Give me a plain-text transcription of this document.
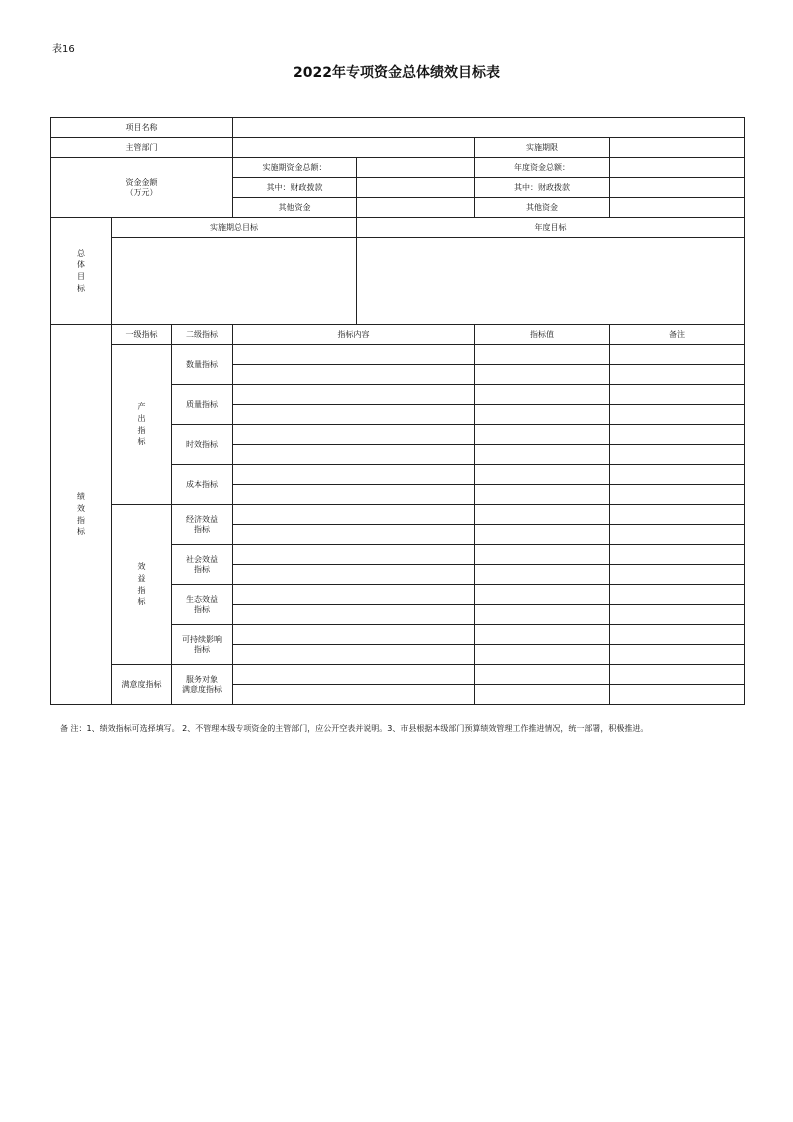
表16
2022年专项资金总体绩效目标表
项目名称						
主管部门					实施期限	
资金金额
（万元）			实施期资金总额：		年度资金总额：	
			其中：财政拨款		其中：财政拨款	
			其他资金		其他资金	

总体目标	实施期总目标			年度目标		

绩效指标	一级指标	二级指标	指标内容		指标值	备注

	产出指标	数量指标				

		质量指标				

		时效指标				

		成本指标				

	效益指标	经济效益
指标				

		社会效益
指标				

		生态效益
指标				

		可持续影响
指标				

	满意度指标	服务对象
满意度指标				

备 注：1、绩效指标可选择填写。 2、不管理本级专项资金的主管部门，应公开空表并说明。3、市县根据本级部门预算绩效管理工作推进情况，统一部署，积极推进。
